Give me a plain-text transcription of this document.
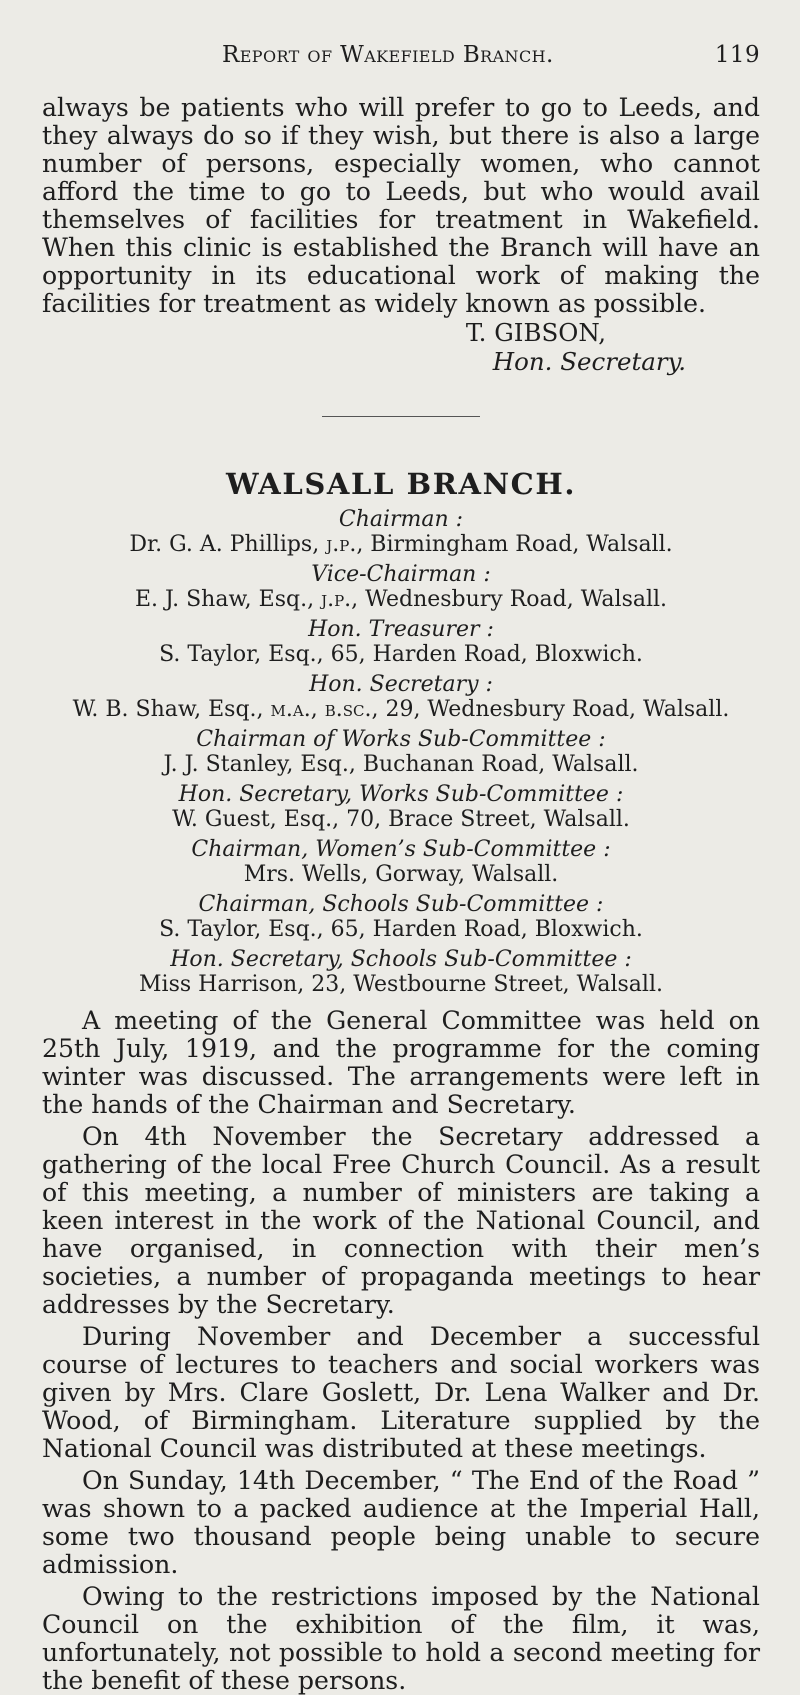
Report of Wakefield Branch.	119

always be patients who will prefer to go to Leeds, and they always do so if they wish, but there is also a large number of persons, especially women, who cannot afford the time to go to Leeds, but who would avail themselves of facilities for treatment in Wakefield. When this clinic is established the Branch will have an opportunity in its educational work of making the facilities for treatment as widely known as possible.

T. GIBSON,
Hon. Secretary.
WALSALL BRANCH.
Chairman :
Dr. G. A. Phillips, j.p., Birmingham Road, Walsall.
Vice-Chairman :
E. J. Shaw, Esq., j.p., Wednesbury Road, Walsall.
Hon. Treasurer :
S. Taylor, Esq., 65, Harden Road, Bloxwich.
Hon. Secretary :
W. B. Shaw, Esq., m.a., b.sc., 29, Wednesbury Road, Walsall.
Chairman of Works Sub-Committee :
J. J. Stanley, Esq., Buchanan Road, Walsall.
Hon. Secretary, Works Sub-Committee :
W. Guest, Esq., 70, Brace Street, Walsall.
Chairman, Women’s Sub-Committee :
Mrs. Wells, Gorway, Walsall.
Chairman, Schools Sub-Committee :
S. Taylor, Esq., 65, Harden Road, Bloxwich.
Hon. Secretary, Schools Sub-Committee :
Miss Harrison, 23, Westbourne Street, Walsall.

A meeting of the General Committee was held on 25th July, 1919, and the programme for the coming winter was discussed. The arrangements were left in the hands of the Chairman and Secretary.

On 4th November the Secretary addressed a gathering of the local Free Church Council. As a result of this meeting, a number of ministers are taking a keen interest in the work of the National Council, and have organised, in connection with their men’s societies, a number of propaganda meetings to hear addresses by the Secretary.

During November and December a successful course of lectures to teachers and social workers was given by Mrs. Clare Goslett, Dr. Lena Walker and Dr. Wood, of Birmingham. Literature supplied by the National Council was distributed at these meetings.

On Sunday, 14th December, “ The End of the Road ” was shown to a packed audience at the Imperial Hall, some two thousand people being unable to secure admission.

Owing to the restrictions imposed by the National Council on the exhibition of the film, it was, unfortunately, not possible to hold a second meeting for the benefit of these persons.
